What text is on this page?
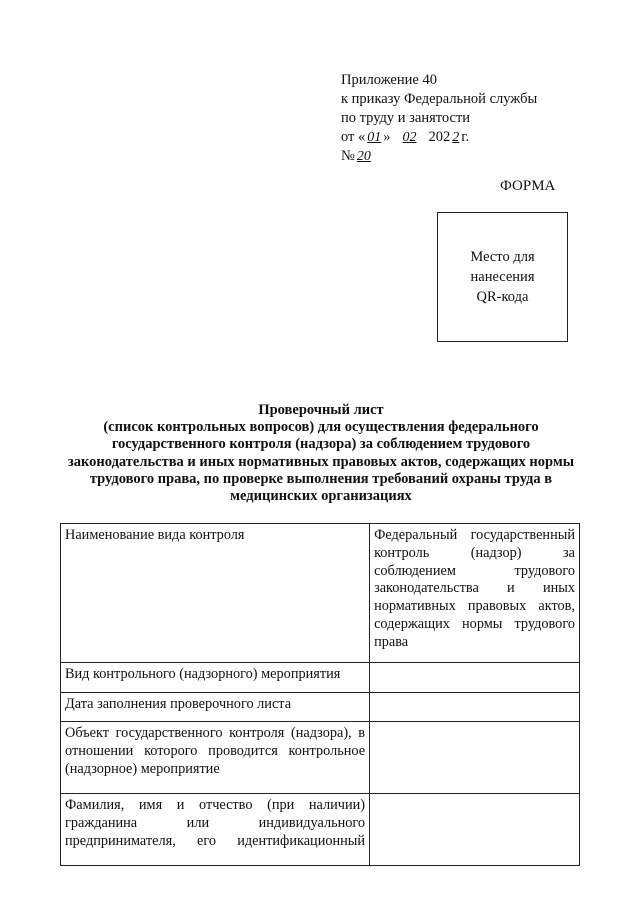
Приложение 40
к приказу Федеральной службы
по труду и занятости
от « 01 » 02 202 2 г.
№ 20
ФОРМА
Место для
нанесения
QR-кода
Проверочный лист
(список контрольных вопросов) для осуществления федерального
государственного контроля (надзора) за соблюдением трудового
законодательства и иных нормативных правовых актов, содержащих нормы
трудового права, по проверке выполнения требований охраны труда в
медицинских организациях
Наименование вида контроля	Федеральный государственный контроль (надзор) за соблюдением трудового законодательства и иных нормативных правовых актов, содержащих нормы трудового права
Вид контрольного (надзорного) мероприятия	
Дата заполнения проверочного листа	
Объект государственного контроля (надзора), в отношении которого проводится контрольное (надзорное) мероприятие	
Фамилия, имя и отчество (при наличии) гражданина или индивидуального предпринимателя, его идентификационный	
